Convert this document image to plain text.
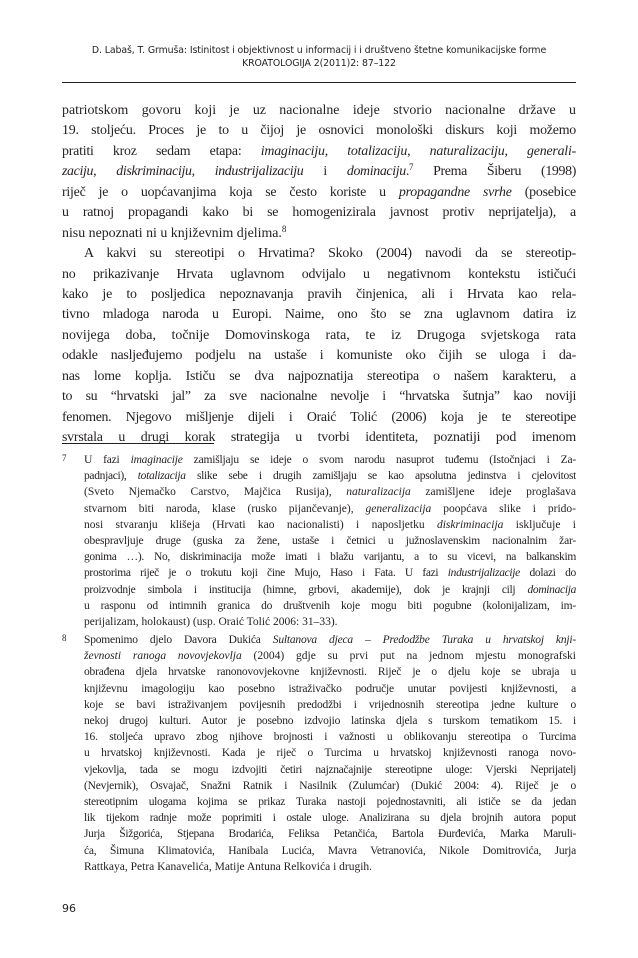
D. Labaš, T. Grmuša: Istinitost i objektivnost u informacij i i društveno štetne komunikacijske forme
KROATOLOGIJA 2(2011)2: 87–122
patriotskom govoru koji je uz nacionalne ideje stvorio nacionalne države u
19. stoljeću. Proces je to u čijoj je osnovici monološki diskurs koji možemo
pratiti kroz sedam etapa: imaginaciju, totalizaciju, naturalizaciju, generali-
zaciju, diskriminaciju, industrijalizaciju i dominaciju.$^7$ Prema Šiberu (1998)
riječ je o uopćavanjima koja se često koriste u propagandne svrhe (posebice
u ratnoj propagandi kako bi se homogenizirala javnost protiv neprijatelja), a
nisu nepoznati ni u književnim djelima.$^8$
A kakvi su stereotipi o Hrvatima? Skoko (2004) navodi da se stereotip-
no prikazivanje Hrvata uglavnom odvijalo u negativnom kontekstu ističući
kako je to posljedica nepoznavanja pravih činjenica, ali i Hrvata kao rela-
tivno mladoga naroda u Europi. Naime, ono što se zna uglavnom datira iz
novijega doba, točnije Domovinskoga rata, te iz Drugoga svjetskoga rata
odakle nasljeđujemo podjelu na ustaše i komuniste oko čijih se uloga i da-
nas lome koplja. Ističu se dva najpoznatija stereotipa o našem karakteru, a
to su “hrvatski jal” za sve nacionalne nevolje i “hrvatska šutnja” kao noviji
fenomen. Njegovo mišljenje dijeli i Oraić Tolić (2006) koja je te stereotipe
svrstala u drugi korak strategija u tvorbi identiteta, poznatiji pod imenom
7 U fazi imaginacije zamišljaju se ideje o svom narodu nasuprot tuđemu (Istočnjaci i Za-
padnjaci), totalizacija slike sebe i drugih zamišljaju se kao apsolutna jedinstva i cjelovitost
(Sveto Njemačko Carstvo, Majčica Rusija), naturalizacija zamišljene ideje proglašava
stvarnom biti naroda, klase (rusko pijančevanje), generalizacija poopćava slike i prido-
nosi stvaranju klišeja (Hrvati kao nacionalisti) i naposljetku diskriminacija isključuje i
obespravljuje druge (guska za žene, ustaše i četnici u južnoslavenskim nacionalnim žar-
gonima …). No, diskriminacija može imati i blažu varijantu, a to su vicevi, na balkanskim
prostorima riječ je o trokutu koji čine Mujo, Haso i Fata. U fazi industrijalizacije dolazi do
proizvodnje simbola i institucija (himne, grbovi, akademije), dok je krajnji cilj dominacija
u rasponu od intimnih granica do društvenih koje mogu biti pogubne (kolonijalizam, im-
perijalizam, holokaust) (usp. Oraić Tolić 2006: 31–33).
8 Spomenimo djelo Davora Dukića Sultanova djeca – Predodžbe Turaka u hrvatskoj knji-
ževnosti ranoga novovjekovlja (2004) gdje su prvi put na jednom mjestu monografski
obrađena djela hrvatske ranonovovjekovne književnosti. Riječ je o djelu koje se ubraja u
književnu imagologiju kao posebno istraživačko područje unutar povijesti književnosti, a
koje se bavi istraživanjem povijesnih predodžbi i vrijednosnih stereotipa jedne kulture o
nekoj drugoj kulturi. Autor je posebno izdvojio latinska djela s turskom tematikom 15. i
16. stoljeća upravo zbog njihove brojnosti i važnosti u oblikovanju stereotipa o Turcima
u hrvatskoj književnosti. Kada je riječ o Turcima u hrvatskoj književnosti ranoga novo-
vjekovlja, tada se mogu izdvojiti četiri najznačajnije stereotipne uloge: Vjerski Neprijatelj
(Nevjernik), Osvajač, Snažni Ratnik i Nasilnik (Zulumćar) (Dukić 2004: 4). Riječ je o
stereotipnim ulogama kojima se prikaz Turaka nastoji pojednostavniti, ali ističe se da jedan
lik tijekom radnje može poprimiti i ostale uloge. Analizirana su djela brojnih autora poput
Jurja Šižgorića, Stjepana Brodarića, Feliksa Petančića, Bartola Đurđevića, Marka Maruli-
ća, Šimuna Klimatovića, Hanibala Lucića, Mavra Vetranovića, Nikole Domitrovića, Jurja
Rattkaya, Petra Kanavelića, Matije Antuna Relkovića i drugih.
96
